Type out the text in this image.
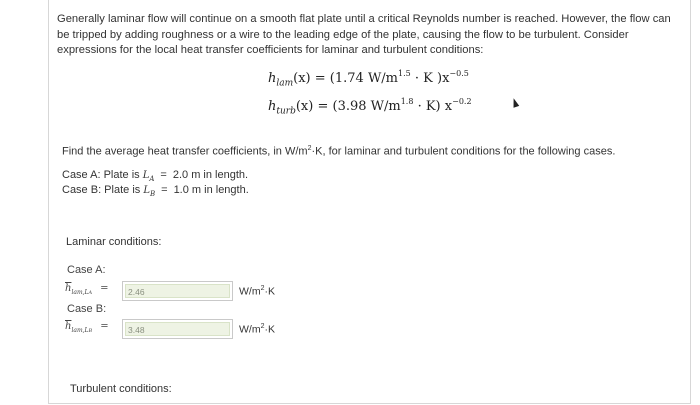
Generally laminar flow will continue on a smooth flat plate until a critical Reynolds number is reached. However, the flow can be tripped by adding roughness or a wire to the leading edge of the plate, causing the flow to be turbulent. Consider expressions for the local heat transfer coefficients for laminar and turbulent conditions:
$h_{lam}(x) = (1.74$ $W/m^{1.5} \cdot K$ )$x^{-0.5}$
$h_{turb}(x) = (3.98$ $W/m^{1.8} \cdot K$) $x^{-0.2}$
Find the average heat transfer coefficients, in $W/m^2\cdot K$, for laminar and turbulent conditions for the following cases.
Case A: Plate is $L_A = 2.0$ m in length.
Case B: Plate is $L_B = 1.0$ m in length.
Laminar conditions:
Case A:
$\overline{h}_{lam,LA}$ =	2.46	$W/m^2\cdot K$
Case B:
$\overline{h}_{lam,LB}$ =	3.48	$W/m^2\cdot K$
Turbulent conditions:
